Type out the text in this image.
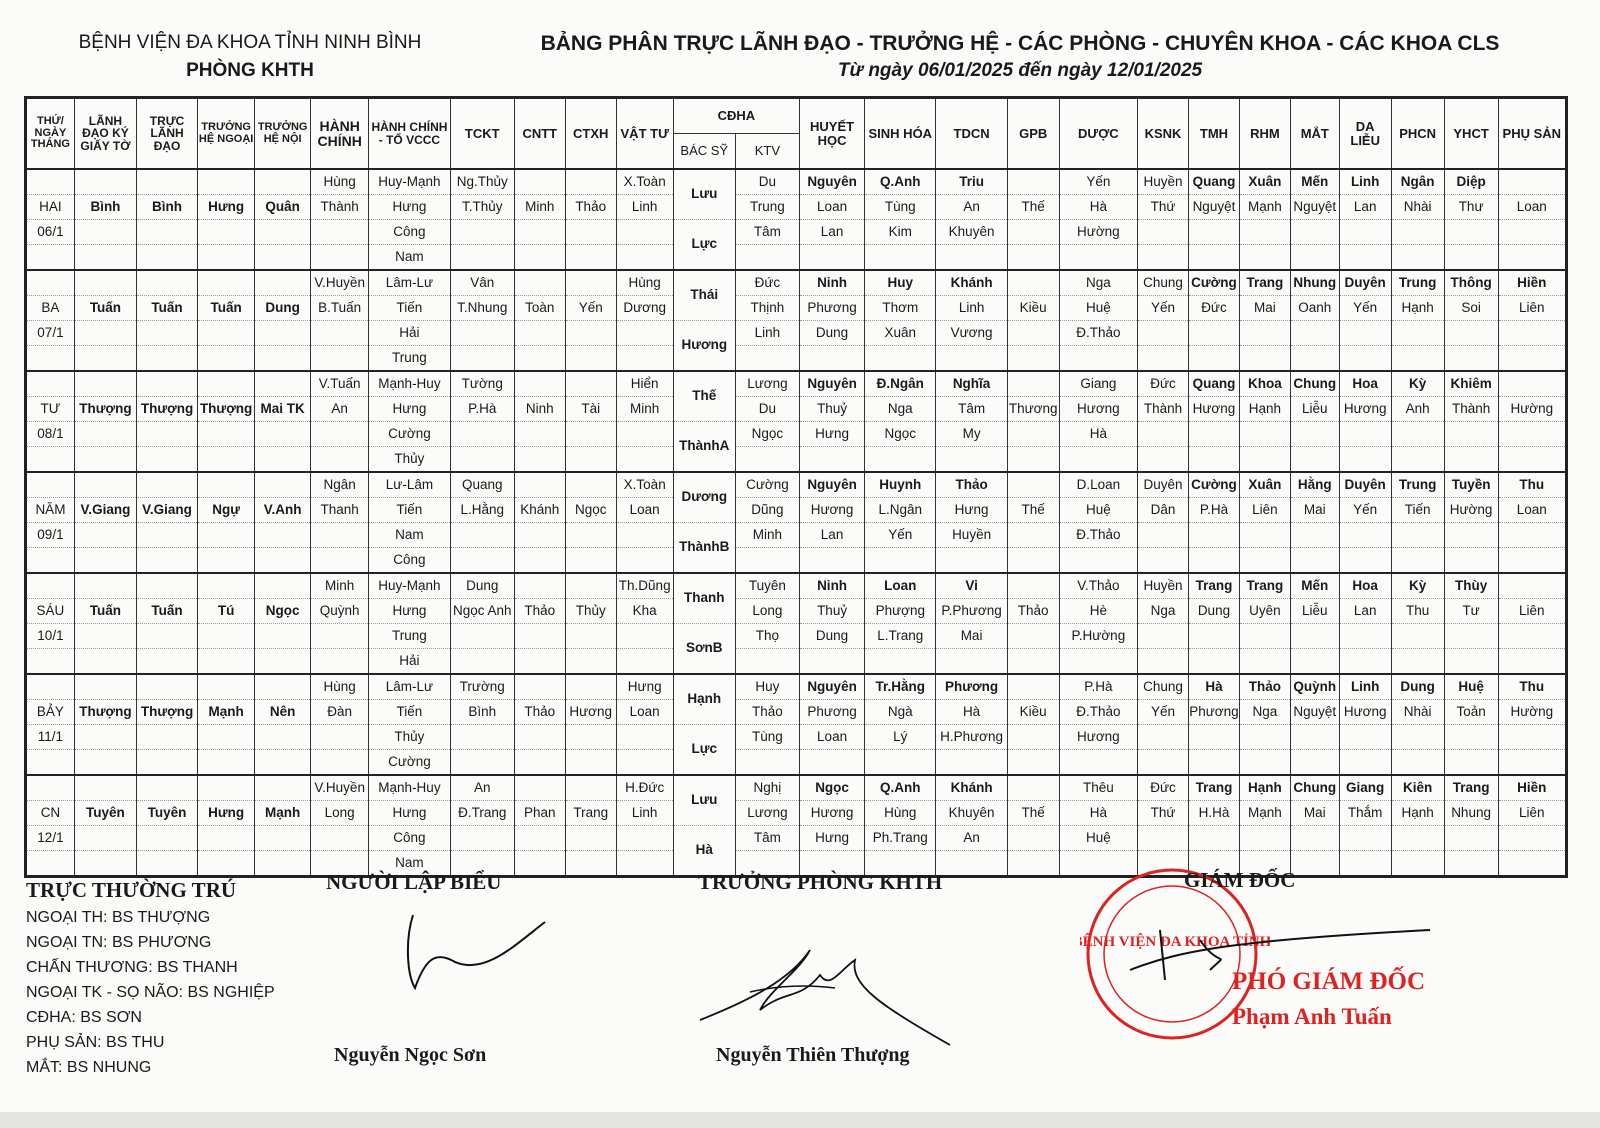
BỆNH VIỆN ĐA KHOA TỈNH NINH BÌNH
PHÒNG KHTH
BẢNG PHÂN TRỰC LÃNH ĐẠO - TRƯỞNG HỆ - CÁC PHÒNG - CHUYÊN KHOA - CÁC KHOA CLS
Từ ngày 06/01/2025 đến ngày 12/01/2025
THỨ/ NGÀY THÁNG	LÃNH ĐẠO KÝ GIẤY TỜ	TRỰC LÃNH ĐẠO	TRƯỞNG HỆ NGOẠI	TRƯỞNG HỆ NỘI	HÀNH CHÍNH	HÀNH CHÍNH - TỔ VCCC	TCKT	CNTT	CTXH	VẬT TƯ	CĐHA		HUYẾT HỌC	SINH HÓA	TDCN	GPB	DƯỢC	KSNK	TMH	RHM	MẮT	DA LIỄU	PHCN	YHCT	PHỤ SẢN
											BÁC SỸ	KTV													
					Hùng	Huy-Mạnh	Ng.Thủy			X.Toàn	Lưu	Du	Nguyên	Q.Anh	Triu		Yến	Huyền	Quang	Xuân	Mến	Linh	Ngân	Diệp	
HAI	Bình	Bình	Hưng	Quân	Thành	Hưng	T.Thủy	Minh	Thảo	Linh		Trung	Loan	Tùng	An	Thế	Hà	Thứ	Nguyệt	Mạnh	Nguyệt	Lan	Nhài	Thư	Loan
06/1						Công					Lực	Tâm	Lan	Kim	Khuyên		Hường								
						Nam																			
					V.Huyền	Lâm-Lư	Vân			Hùng	Thái	Đức	Ninh	Huy	Khánh		Nga	Chung	Cường	Trang	Nhung	Duyên	Trung	Thông	Hiền
BA	Tuấn	Tuấn	Tuấn	Dung	B.Tuấn	Tiến	T.Nhung	Toàn	Yến	Dương		Thịnh	Phương	Thơm	Linh	Kiều	Huệ	Yến	Đức	Mai	Oanh	Yến	Hạnh	Soi	Liên
07/1						Hải					Hương	Linh	Dung	Xuân	Vương		Đ.Thảo								
						Trung																			
					V.Tuấn	Mạnh-Huy	Tường			Hiển	Thế	Lương	Nguyên	Đ.Ngân	Nghĩa		Giang	Đức	Quang	Khoa	Chung	Hoa	Kỳ	Khiêm	
TƯ	Thượng	Thượng	Thượng	Mai TK	An	Hưng	P.Hà	Ninh	Tài	Minh		Du	Thuỷ	Nga	Tâm	Thương	Hương	Thành	Hương	Hạnh	Liễu	Hương	Anh	Thành	Hường
08/1						Cường					ThànhA	Ngọc	Hưng	Ngọc	My		Hà								
						Thủy																			
					Ngân	Lư-Lâm	Quang			X.Toàn	Dương	Cường	Nguyên	Huynh	Thảo		D.Loan	Duyên	Cường	Xuân	Hằng	Duyên	Trung	Tuyền	Thu
NĂM	V.Giang	V.Giang	Ngự	V.Anh	Thanh	Tiến	L.Hằng	Khánh	Ngọc	Loan		Dũng	Hương	L.Ngân	Hưng	Thế	Huệ	Dân	P.Hà	Liên	Mai	Yến	Tiến	Hường	Loan
09/1						Nam					ThànhB	Minh	Lan	Yến	Huyền		Đ.Thảo								
						Công																			
					Minh	Huy-Mạnh	Dung			Th.Dũng	Thanh	Tuyên	Ninh	Loan	Vi		V.Thảo	Huyền	Trang	Trang	Mến	Hoa	Kỳ	Thùy	
SÁU	Tuấn	Tuấn	Tú	Ngọc	Quỳnh	Hưng	Ngọc Anh	Thảo	Thủy	Kha		Long	Thuỷ	Phượng	P.Phương	Thảo	Hè	Nga	Dung	Uyên	Liễu	Lan	Thu	Tư	Liên
10/1						Trung					SơnB	Thọ	Dung	L.Trang	Mai		P.Hường								
						Hải																			
					Hùng	Lâm-Lư	Trường			Hưng	Hạnh	Huy	Nguyên	Tr.Hằng	Phương		P.Hà	Chung	Hà	Thảo	Quỳnh	Linh	Dung	Huệ	Thu
BẢY	Thượng	Thượng	Mạnh	Nên	Đàn	Tiến	Bình	Thảo	Hương	Loan		Thảo	Phương	Ngà	Hà	Kiều	Đ.Thảo	Yến	Phương	Nga	Nguyệt	Hương	Nhài	Toản	Hường
11/1						Thủy					Lực	Tùng	Loan	Lý	H.Phương		Hương								
						Cường																			
					V.Huyền	Mạnh-Huy	An			H.Đức	Lưu	Nghị	Ngọc	Q.Anh	Khánh		Thêu	Đức	Trang	Hạnh	Chung	Giang	Kiên	Trang	Hiền
CN	Tuyên	Tuyên	Hưng	Mạnh	Long	Hưng	Đ.Trang	Phan	Trang	Linh		Lương	Hương	Hùng	Khuyên	Thế	Hà	Thứ	H.Hà	Mạnh	Mai	Thắm	Hạnh	Nhung	Liên
12/1						Công					Hà	Tâm	Hưng	Ph.Trang	An		Huệ								
						Nam																			
TRỰC THƯỜNG TRÚ
NGOẠI TH: BS THƯỢNG
NGOẠI TN: BS PHƯƠNG
CHẤN THƯƠNG: BS THANH
NGOẠI TK - SỌ NÃO: BS NGHIỆP
CĐHA: BS SƠN
PHỤ SẢN: BS THU
MẮT: BS NHUNG
NGƯỜI LẬP BIỂU
Nguyễn Ngọc Sơn
TRƯỞNG PHÒNG KHTH
Nguyễn Thiên Thượng
BỆNH VIỆN ĐA KHOA TỈNH
GIÁM ĐỐC
PHÓ GIÁM ĐỐC
Phạm Anh Tuấn
